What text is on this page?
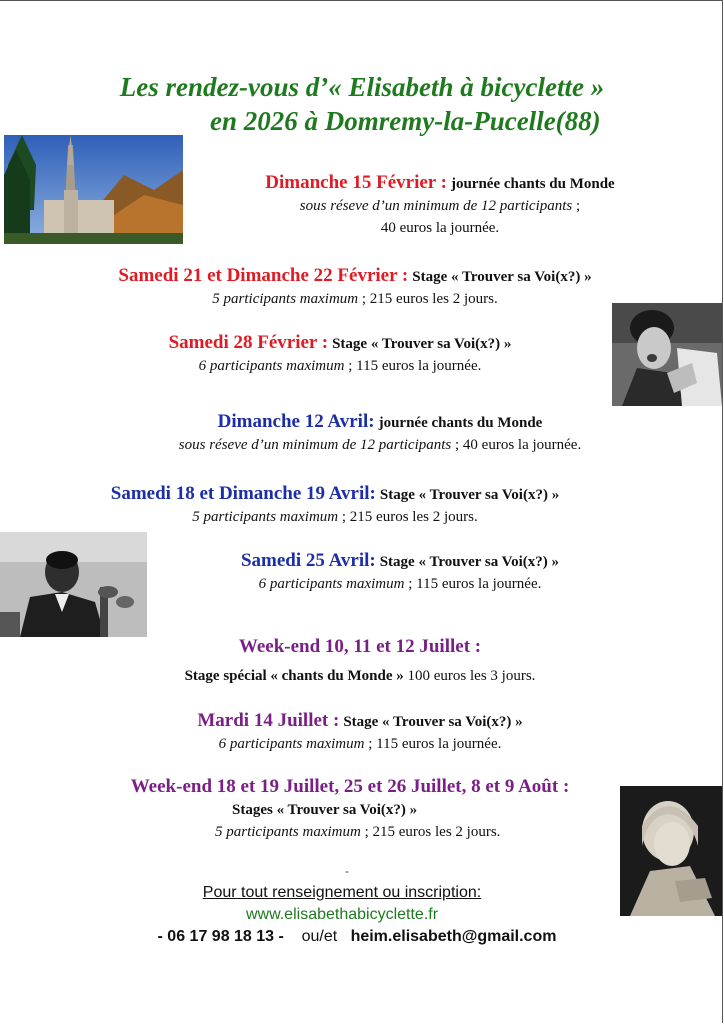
Les rendez-vous d’« Elisabeth à bicyclette »
en 2026 à Domremy-la-Pucelle(88)
Dimanche 15 Février : journée chants du Monde
sous réseve d’un minimum de 12 participants ;
40 euros la journée.
Samedi 21 et Dimanche 22 Février : Stage « Trouver sa Voi(x?) »
5 participants maximum ; 215 euros les 2 jours.
Samedi 28 Février : Stage « Trouver sa Voi(x?) »
6 participants maximum ; 115 euros la journée.
Dimanche 12 Avril: journée chants du Monde
sous réseve d’un minimum de 12 participants ; 40 euros la journée.
Samedi 18 et Dimanche 19 Avril: Stage « Trouver sa Voi(x?) »
5 participants maximum ; 215 euros les 2 jours.
Samedi 25 Avril: Stage « Trouver sa Voi(x?) »
6 participants maximum ; 115 euros la journée.
Week-end 10, 11 et 12 Juillet :
Stage spécial « chants du Monde » 100 euros les 3 jours.
Mardi 14 Juillet : Stage « Trouver sa Voi(x?) »
6 participants maximum ; 115 euros la journée.
Week-end 18 et 19 Juillet, 25 et 26 Juillet, 8 et 9 Août :
Stages « Trouver sa Voi(x?) »
5 participants maximum ; 215 euros les 2 jours.
-
Pour tout renseignement ou inscription:
www.elisabethabicyclette.fr
- 06 17 98 18 13 - ou/et heim.elisabeth@gmail.com
